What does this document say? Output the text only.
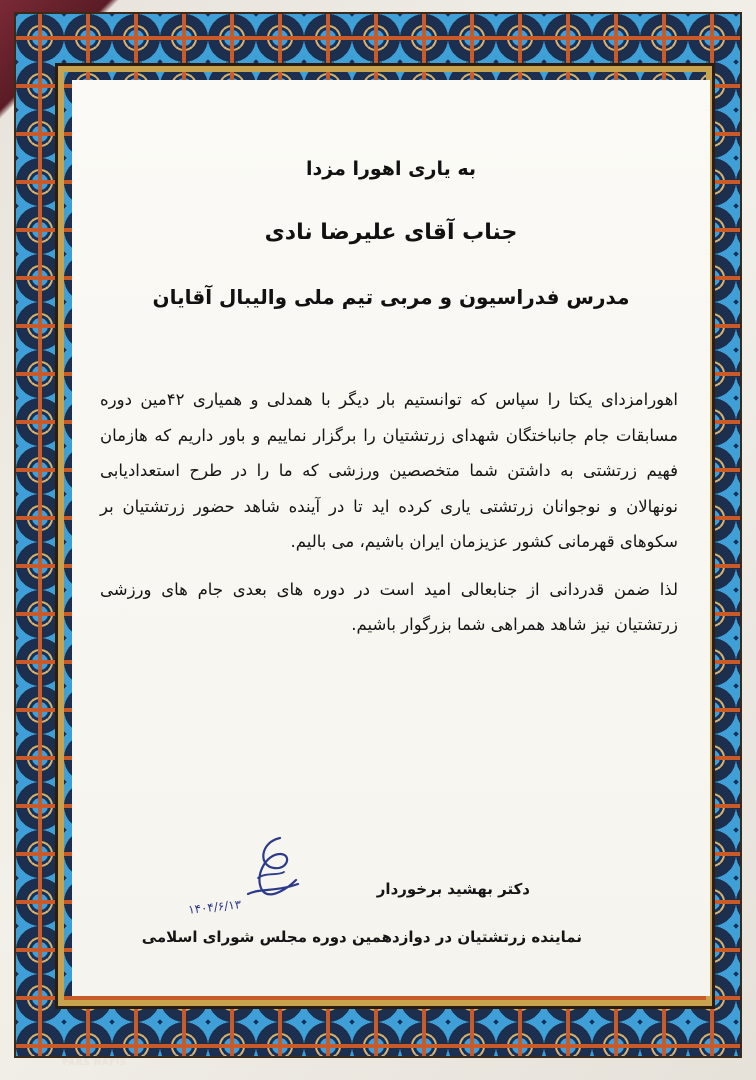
به یاری اهورا مزدا
جناب آقای علیرضا نادی
مدرس فدراسیون و مربی تیم ملی والیبال آقایان

اهورامزدای یکتا را سپاس که توانستیم بار دیگر با همدلی و همیاری ۴۲مین دوره مسابقات جام جانباختگان شهدای زرتشتیان را برگزار نماییم و باور داریم که هازمان فهیم زرتشتی به داشتن شما متخصصین ورزشی که ما را در طرح استعدادیابی نونهالان و نوجوانان زرتشتی یاری کرده اید تا در آینده شاهد حضور زرتشتیان بر سکوهای قهرمانی کشور عزیزمان ایران باشیم، می بالیم.

لذا ضمن قدردانی از جنابعالی امید است در دوره های بعدی جام های ورزشی زرتشتیان نیز شاهد همراهی شما بزرگوار باشیم.

۱۴۰۴/۶/۱۳
دکتر بهشید برخوردار
نماینده زرتشتیان در دوازدهمین دوره مجلس شورای اسلامی
PARS NAFIS
